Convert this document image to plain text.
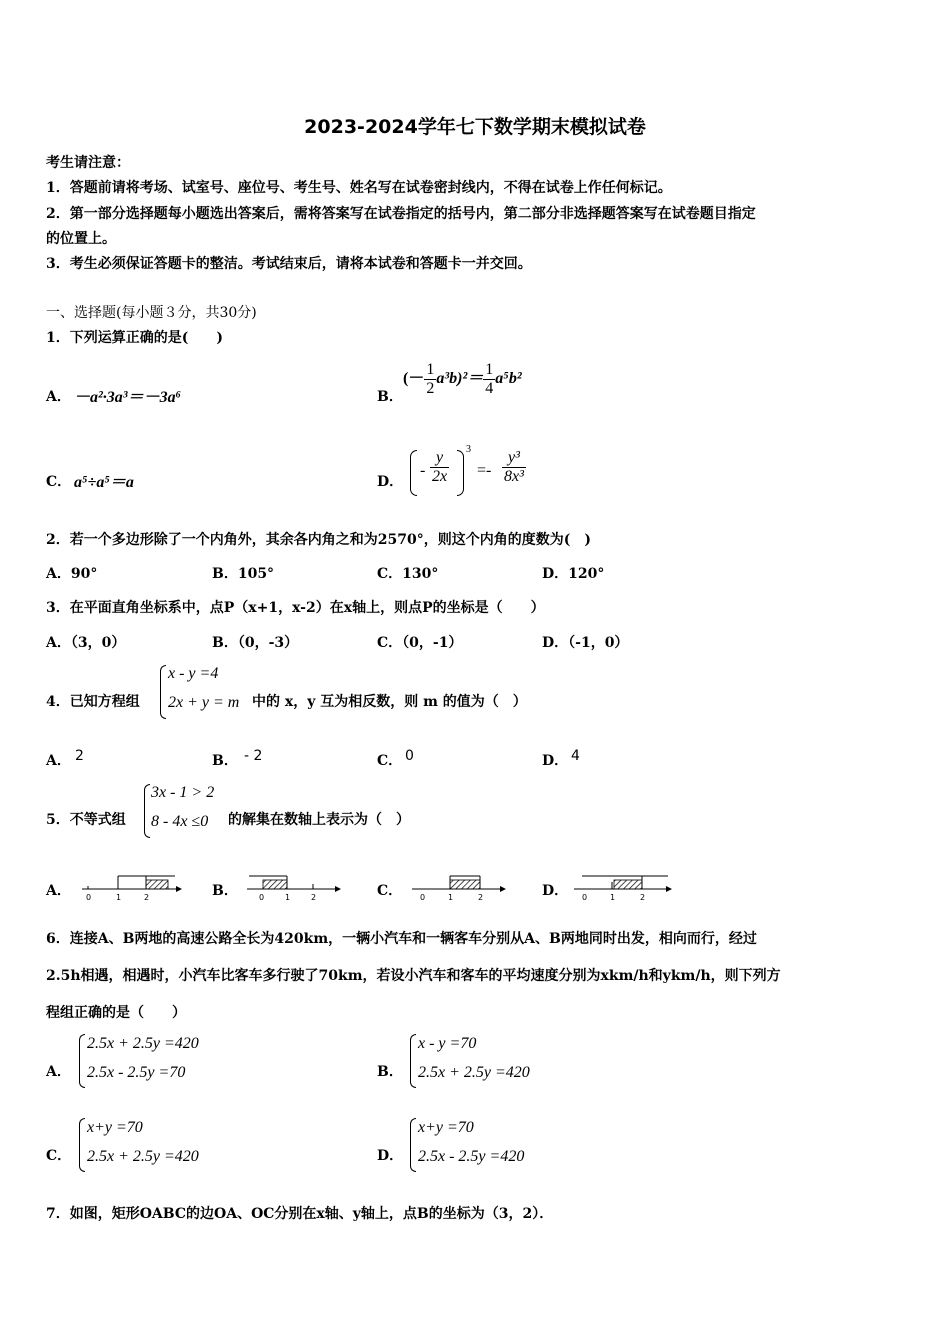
2023-2024学年七下数学期末模拟试卷
考生请注意：
1．答题前请将考场、试室号、座位号、考生号、姓名写在试卷密封线内，不得在试卷上作任何标记。
2．第一部分选择题每小题选出答案后，需将答案写在试卷指定的括号内，第二部分非选择题答案写在试卷题目指定
的位置上。
3．考生必须保证答题卡的整洁。考试结束后，请将本试卷和答题卡一并交回。
一、选择题(每小题３分，共30分)
1．下列运算正确的是(　　)
A． －a²·3a³＝－3a⁶	B．
(－ $\frac{1}{2} a^3b)^2= \frac{1}{4} a^5b^2$
C． a⁵÷a⁵＝a	D．
- $\frac{y}{2x} 3$
=- $\frac{\text{y³}}{\text{8x³}}$
2．若一个多边形除了一个内角外，其余各内角之和为2570°，则这个内角的度数为(　)
A．90°	B．105°	C．130°	D．120°
3．在平面直角坐标系中，点P（x+1，x-2）在x轴上，则点P的坐标是（　　）
A．（3，0）	B．（0，-3）	C．（0，-1）	D．（-1，0）
4．已知方程组
x - y =4
2x + y = m 中的 x，y 互为相反数，则 m 的值为（　）
A． 2	B． - 2	C． 0	D． 4
5．不等式组
3x - 1 > 2
8 - 4x ≤0 的解集在数轴上表示为（　）
A． 0	1	2	B．	0	1	2	C． 0	1	2	D． 0	1	2
6．连接A、B两地的高速公路全长为420km，一辆小汽车和一辆客车分别从A、B两地同时出发，相向而行，经过
2.5h相遇，相遇时，小汽车比客车多行驶了70km，若设小汽车和客车的平均速度分别为xkm/h和ykm/h，则下列方
程组正确的是（　　）
A．
2.5x + 2.5y =420
2.5x - 2.5y =70	B．
x - y =70
2.5x + 2.5y =420
C．
x+y =70
2.5x + 2.5y =420	D．
x+y =70
2.5x - 2.5y =420
7．如图，矩形OABC的边OA、OC分别在x轴、y轴上，点B的坐标为（3，2）．
